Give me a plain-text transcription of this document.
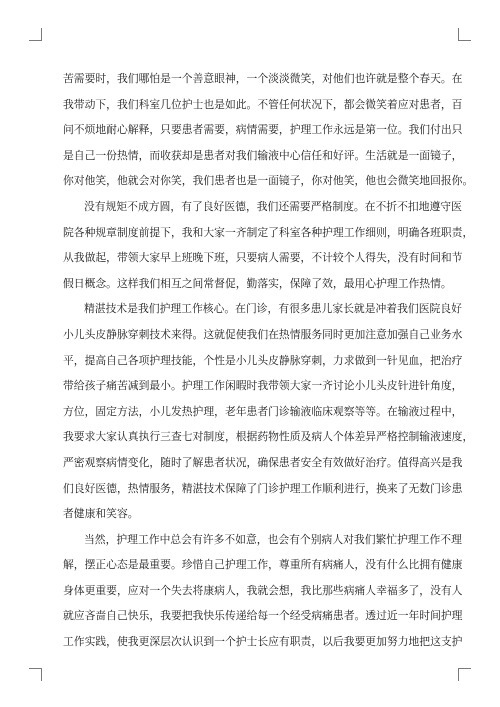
苦需要时，我们哪怕是一个善意眼神，一个淡淡微笑，对他们也许就是整个春天。在
我带动下，我们科室几位护士也是如此。不管任何状况下，都会微笑着应对患者，百
问不烦地耐心解释，只要患者需要，病情需要，护理工作永远是第一位。我们付出只
是自己一份热情，而收获却是患者对我们输液中心信任和好评。生活就是一面镜子，
你对他笑，他就会对你笑，我们患者也是一面镜子，你对他笑，他也会微笑地回报你。
没有规矩不成方圆，有了良好医德，我们还需要严格制度。在不折不扣地遵守医
院各种规章制度前提下，我和大家一齐制定了科室各种护理工作细则，明确各班职责，
从我做起，带领大家早上班晚下班，只要病人需要，不计较个人得失，没有时间和节
假日概念。这样我们相互之间常督促，勤落实，保障了效，最用心护理工作热情。
精湛技术是我们护理工作核心。在门诊，有很多患儿家长就是冲着我们医院良好
小儿头皮静脉穿刺技术来得。这就促使我们在热情服务同时更加注意加强自己业务水
平，提高自己各项护理技能，个性是小儿头皮静脉穿刺，力求做到一针见血，把治疗
带给孩子痛苦减到最小。护理工作闲暇时我带领大家一齐讨论小儿头皮针进针角度，
方位，固定方法，小儿发热护理，老年患者门诊输液临床观察等等。在输液过程中，
我要求大家认真执行三查七对制度，根据药物性质及病人个体差异严格控制输液速度，
严密观察病情变化，随时了解患者状况，确保患者安全有效做好治疗。值得高兴是我
们良好医德，热情服务，精湛技术保障了门诊护理工作顺利进行，换来了无数门诊患
者健康和笑容。
当然，护理工作中总会有许多不如意，也会有个别病人对我们繁忙护理工作不理
解，摆正心态是最重要。珍惜自己护理工作，尊重所有病痛人，没有什么比拥有健康
身体更重要，应对一个失去将康病人，我就会想，我比那些病痛人幸福多了，没有人
就应吝啬自己快乐，我要把我快乐传递给每一个经受病痛患者。透过近一年时间护理
工作实践，使我更深层次认识到一个护士长应有职责，以后我要更加努力地把这支护
